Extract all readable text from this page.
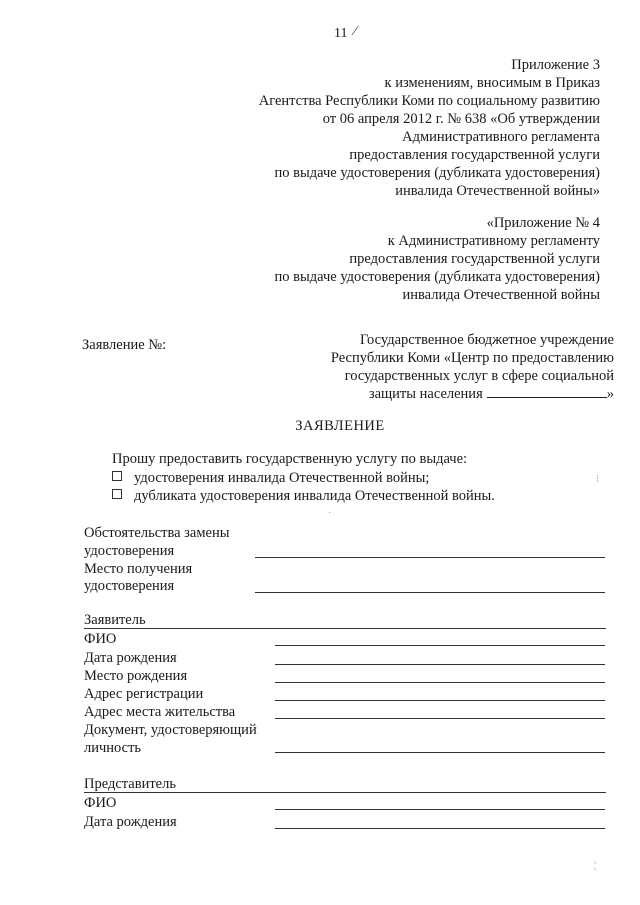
11 ⁄
Приложение 3
к изменениям, вносимым в Приказ
Агентства Республики Коми по социальному развитию
от 06 апреля 2012 г. № 638 «Об утверждении
Административного регламента
предоставления государственной услуги
по выдаче удостоверения (дубликата удостоверения)
инвалида Отечественной войны»
«Приложение № 4
к Административному регламенту
предоставления государственной услуги
по выдаче удостоверения (дубликата удостоверения)
инвалида Отечественной войны
Заявление №:	Государственное бюджетное учреждение
Республики Коми «Центр по предоставлению
государственных услуг в сфере социальной
защиты населения	»
ЗАЯВЛЕНИЕ
Прошу предоставить государственную услугу по выдаче:
удостоверения инвалида Отечественной войны;
дубликата удостоверения инвалида Отечественной войны.
Обстоятельства замены
удостоверения
Место получения
удостоверения
Заявитель
ФИО
Дата рождения
Место рождения
Адрес регистрации
Адрес места жительства
Документ, удостоверяющий
личность
Представитель
ФИО
Дата рождения
⁝
·
¦
